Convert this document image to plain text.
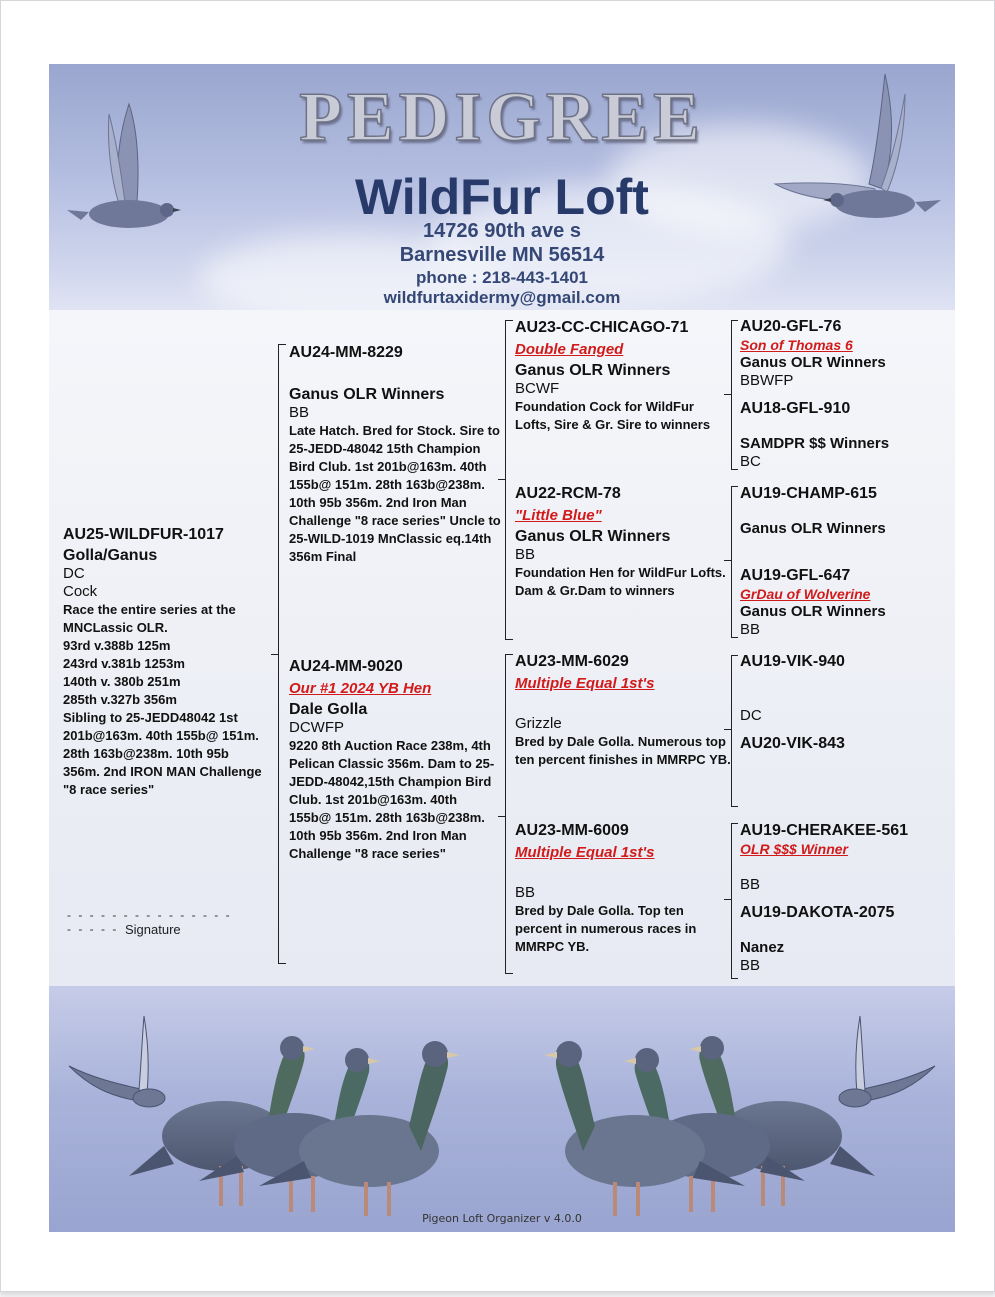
PEDIGREE
WildFur Loft
14726 90th ave s
Barnesville MN 56514
phone : 218-443-1401
wildfurtaxidermy@gmail.com
AU25-WILDFUR-1017
Golla/Ganus
DC
Cock
Race the entire series at the MNCLassic OLR.
93rd v.388b 125m
243rd v.381b 1253m
140th v. 380b 251m
285th v.327b 356m
Sibling to 25-JEDD48042 1st 201b@163m. 40th 155b@ 151m. 28th 163b@238m. 10th 95b 356m. 2nd IRON MAN Challenge "8 race series"
- - - - - - - - - - - - - - - - - - - - Signature
AU24-MM-8229
Ganus OLR Winners
BB
Late Hatch. Bred for Stock. Sire to 25-JEDD-48042 15th Champion Bird Club. 1st 201b@163m. 40th 155b@ 151m. 28th 163b@238m. 10th 95b 356m. 2nd Iron Man Challenge "8 race series" Uncle to 25-WILD-1019 MnClassic eq.14th 356m Final
AU24-MM-9020
Our #1 2024 YB Hen
Dale Golla
DCWFP
9220 8th Auction Race 238m, 4th Pelican Classic 356m. Dam to 25-JEDD-48042,15th Champion Bird Club. 1st 201b@163m. 40th 155b@ 151m. 28th 163b@238m. 10th 95b 356m. 2nd Iron Man Challenge "8 race series"
AU23-CC-CHICAGO-71
Double Fanged
Ganus OLR Winners
BCWF
Foundation Cock for WildFur Lofts, Sire & Gr. Sire to winners
AU22-RCM-78
"Little Blue"
Ganus OLR Winners
BB
Foundation Hen for WildFur Lofts. Dam & Gr.Dam to winners
AU23-MM-6029
Multiple Equal 1st's
Grizzle
Bred by Dale Golla. Numerous top ten percent finishes in MMRPC YB.
AU23-MM-6009
Multiple Equal 1st's
BB
Bred by Dale Golla. Top ten percent in numerous races in MMRPC YB.
AU20-GFL-76
Son of Thomas 6
Ganus OLR Winners
BBWFP
AU18-GFL-910
SAMDPR $$ Winners
BC
AU19-CHAMP-615
Ganus OLR Winners
AU19-GFL-647
GrDau of Wolverine
Ganus OLR Winners
BB
AU19-VIK-940
DC
AU20-VIK-843
AU19-CHERAKEE-561
OLR $$$ Winner
BB
AU19-DAKOTA-2075
Nanez
BB
Pigeon Loft Organizer v 4.0.0
